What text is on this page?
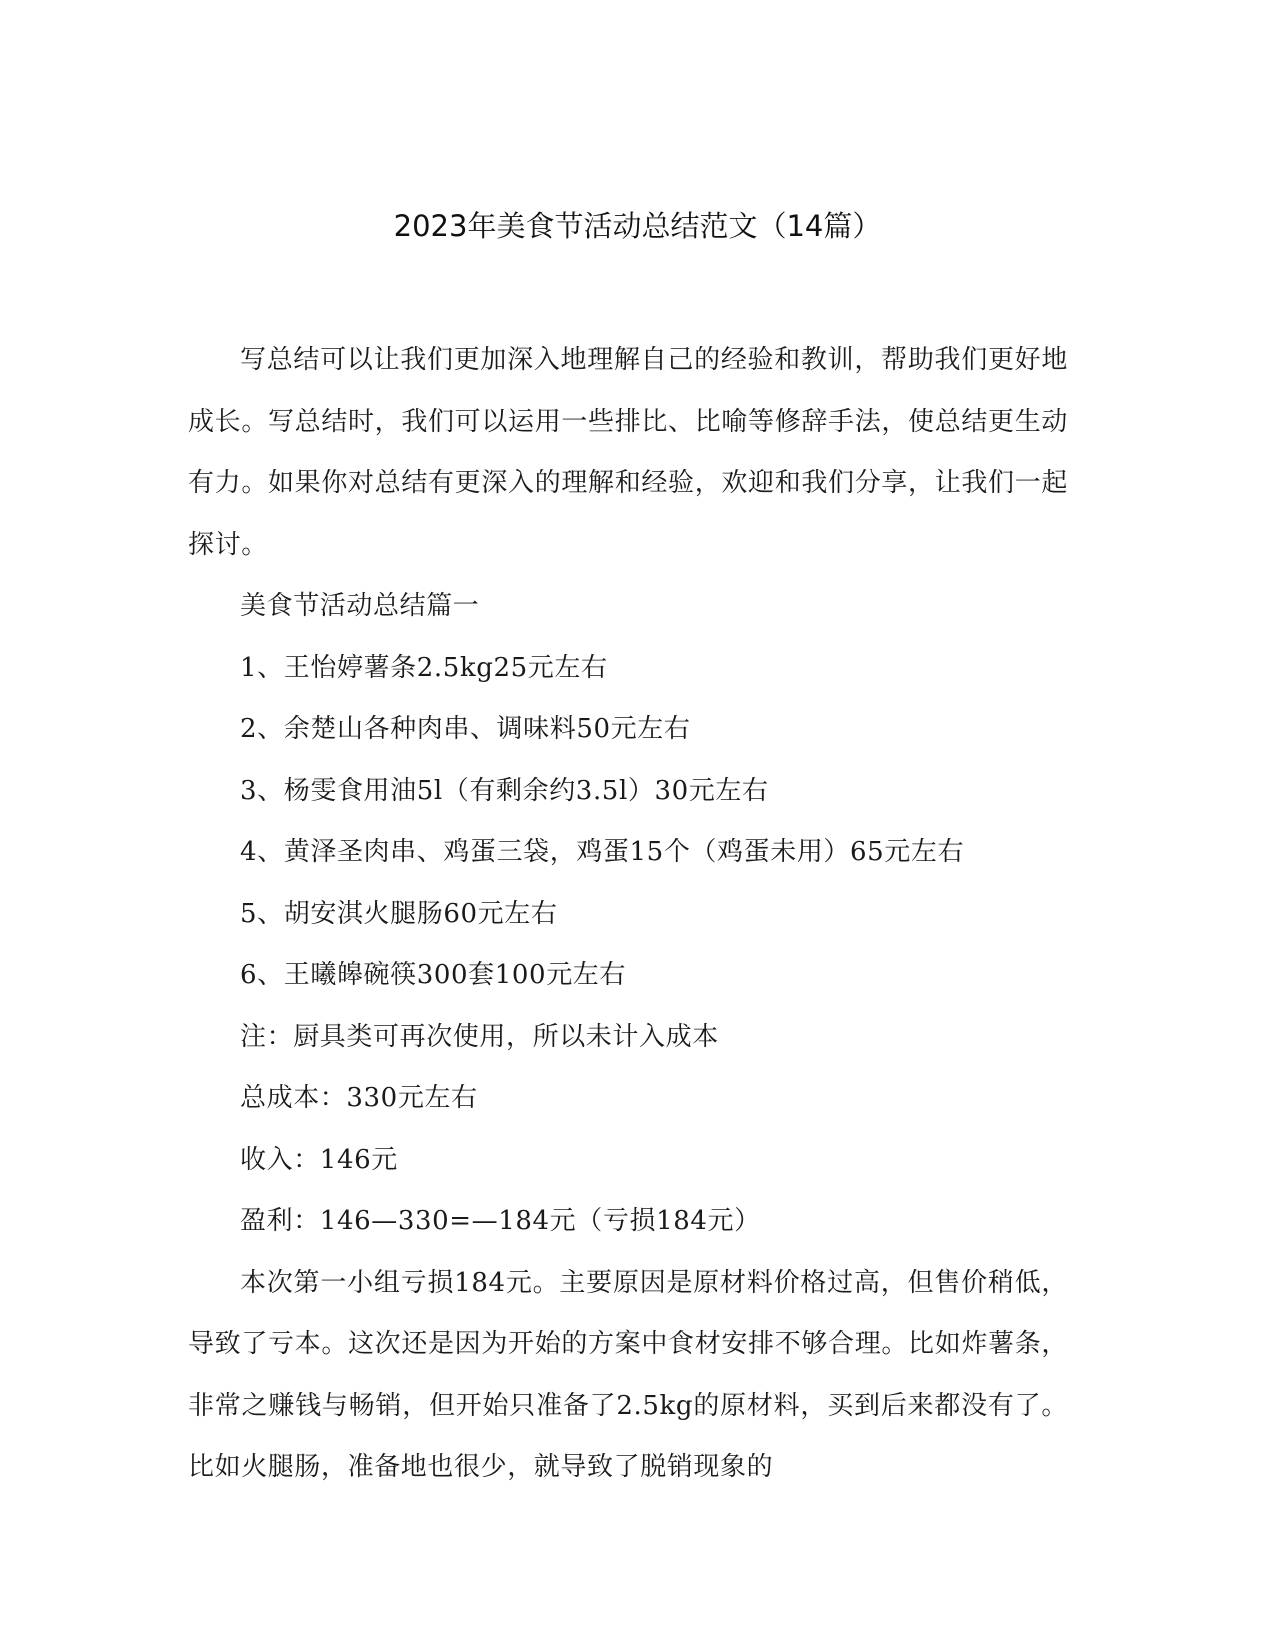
2023年美食节活动总结范文（14篇）

写总结可以让我们更加深入地理解自己的经验和教训，帮助我们更好地成长。写总结时，我们可以运用一些排比、比喻等修辞手法，使总结更生动有力。如果你对总结有更深入的理解和经验，欢迎和我们分享，让我们一起探讨。

美食节活动总结篇一

1、王怡婷薯条2.5kg25元左右

2、余楚山各种肉串、调味料50元左右

3、杨雯食用油5l（有剩余约3.5l）30元左右

4、黄泽圣肉串、鸡蛋三袋，鸡蛋15个（鸡蛋未用）65元左右

5、胡安淇火腿肠60元左右

6、王曦皞碗筷300套100元左右

注：厨具类可再次使用，所以未计入成本

总成本：330元左右

收入：146元

盈利：146—330=—184元（亏损184元）

本次第一小组亏损184元。主要原因是原材料价格过高，但售价稍低，导致了亏本。这次还是因为开始的方案中食材安排不够合理。比如炸薯条，非常之赚钱与畅销，但开始只准备了2.5kg的原材料，买到后来都没有了。比如火腿肠，准备地也很少，就导致了脱销现象的
